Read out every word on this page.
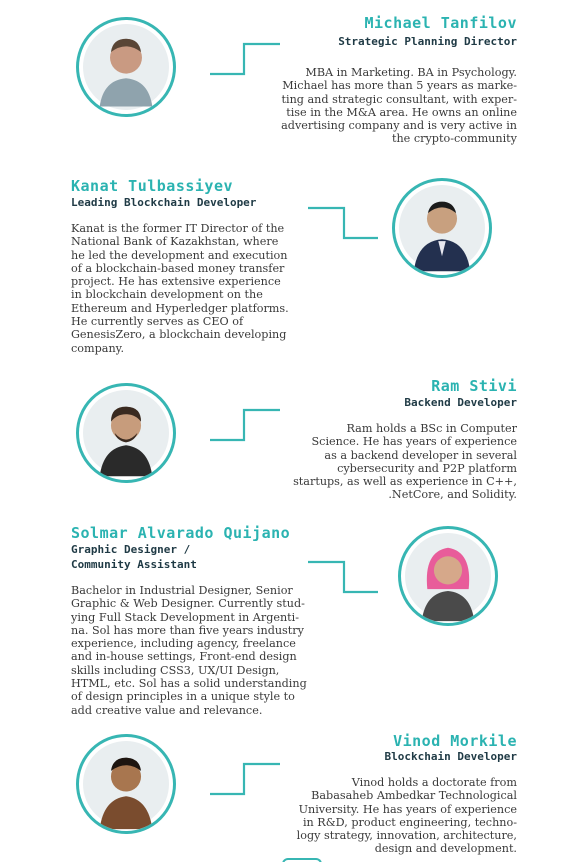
Michael Tanfilov
Strategic Planning Director
MBA in Marketing. BA in Psychology.
Michael has more than 5 years as marke-
ting and strategic consultant, with exper-
tise in the M&A area. He owns an online
advertising company and is very active in
the crypto-community
Kanat Tulbassiyev
Leading Blockchain Developer
Kanat is the former IT Director of the
National Bank of Kazakhstan, where
he led the development and execution
of a blockchain-based money transfer
project. He has extensive experience
in blockchain development on the
Ethereum and Hyperledger platforms.
He currently serves as CEO of
GenesisZero, a blockchain developing
company.
Ram Stivi
Backend Developer
Ram holds a BSc in Computer
Science. He has years of experience
as a backend developer in several
cybersecurity and P2P platform
startups, as well as experience in C++,
.NetCore, and Solidity.
Solmar Alvarado Quijano
Graphic Designer /
Community Assistant
Bachelor in Industrial Designer, Senior
Graphic & Web Designer. Currently stud-
ying Full Stack Development in Argenti-
na. Sol has more than five years industry
experience, including agency, freelance
and in-house settings, Front-end design
skills including CSS3, UX/UI Design,
HTML, etc. Sol has a solid understanding
of design principles in a unique style to
add creative value and relevance.
Vinod Morkile
Blockchain Developer
Vinod holds a doctorate from
Babasaheb Ambedkar Technological
University. He has years of experience
in R&D, product engineering, techno-
logy strategy, innovation, architecture,
design and development.
